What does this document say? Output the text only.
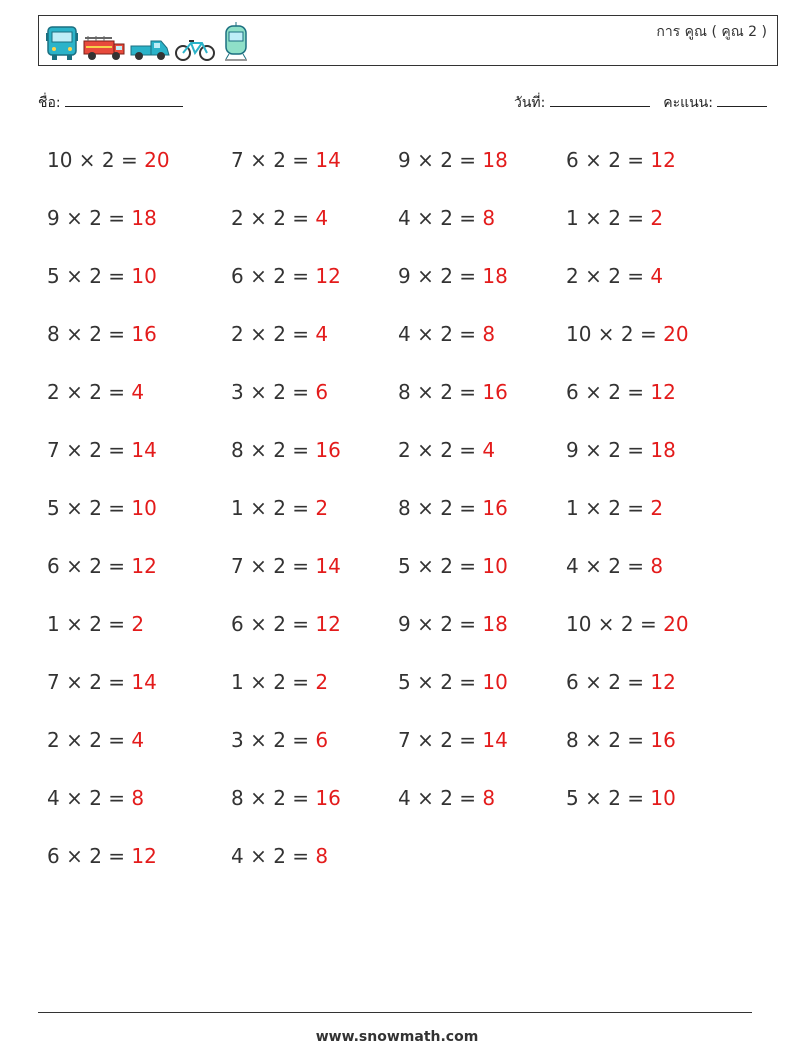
การ คูณ ( คูณ 2 )
ชื่อ:	วันที่:	คะแนน:
10 × 2 = 20	7 × 2 = 14	9 × 2 = 18	6 × 2 = 12
9 × 2 = 18	2 × 2 = 4	4 × 2 = 8	1 × 2 = 2
5 × 2 = 10	6 × 2 = 12	9 × 2 = 18	2 × 2 = 4
8 × 2 = 16	2 × 2 = 4	4 × 2 = 8	10 × 2 = 20
2 × 2 = 4	3 × 2 = 6	8 × 2 = 16	6 × 2 = 12
7 × 2 = 14	8 × 2 = 16	2 × 2 = 4	9 × 2 = 18
5 × 2 = 10	1 × 2 = 2	8 × 2 = 16	1 × 2 = 2
6 × 2 = 12	7 × 2 = 14	5 × 2 = 10	4 × 2 = 8
1 × 2 = 2	6 × 2 = 12	9 × 2 = 18	10 × 2 = 20
7 × 2 = 14	1 × 2 = 2	5 × 2 = 10	6 × 2 = 12
2 × 2 = 4	3 × 2 = 6	7 × 2 = 14	8 × 2 = 16
4 × 2 = 8	8 × 2 = 16	4 × 2 = 8	5 × 2 = 10
6 × 2 = 12	4 × 2 = 8
www.snowmath.com
